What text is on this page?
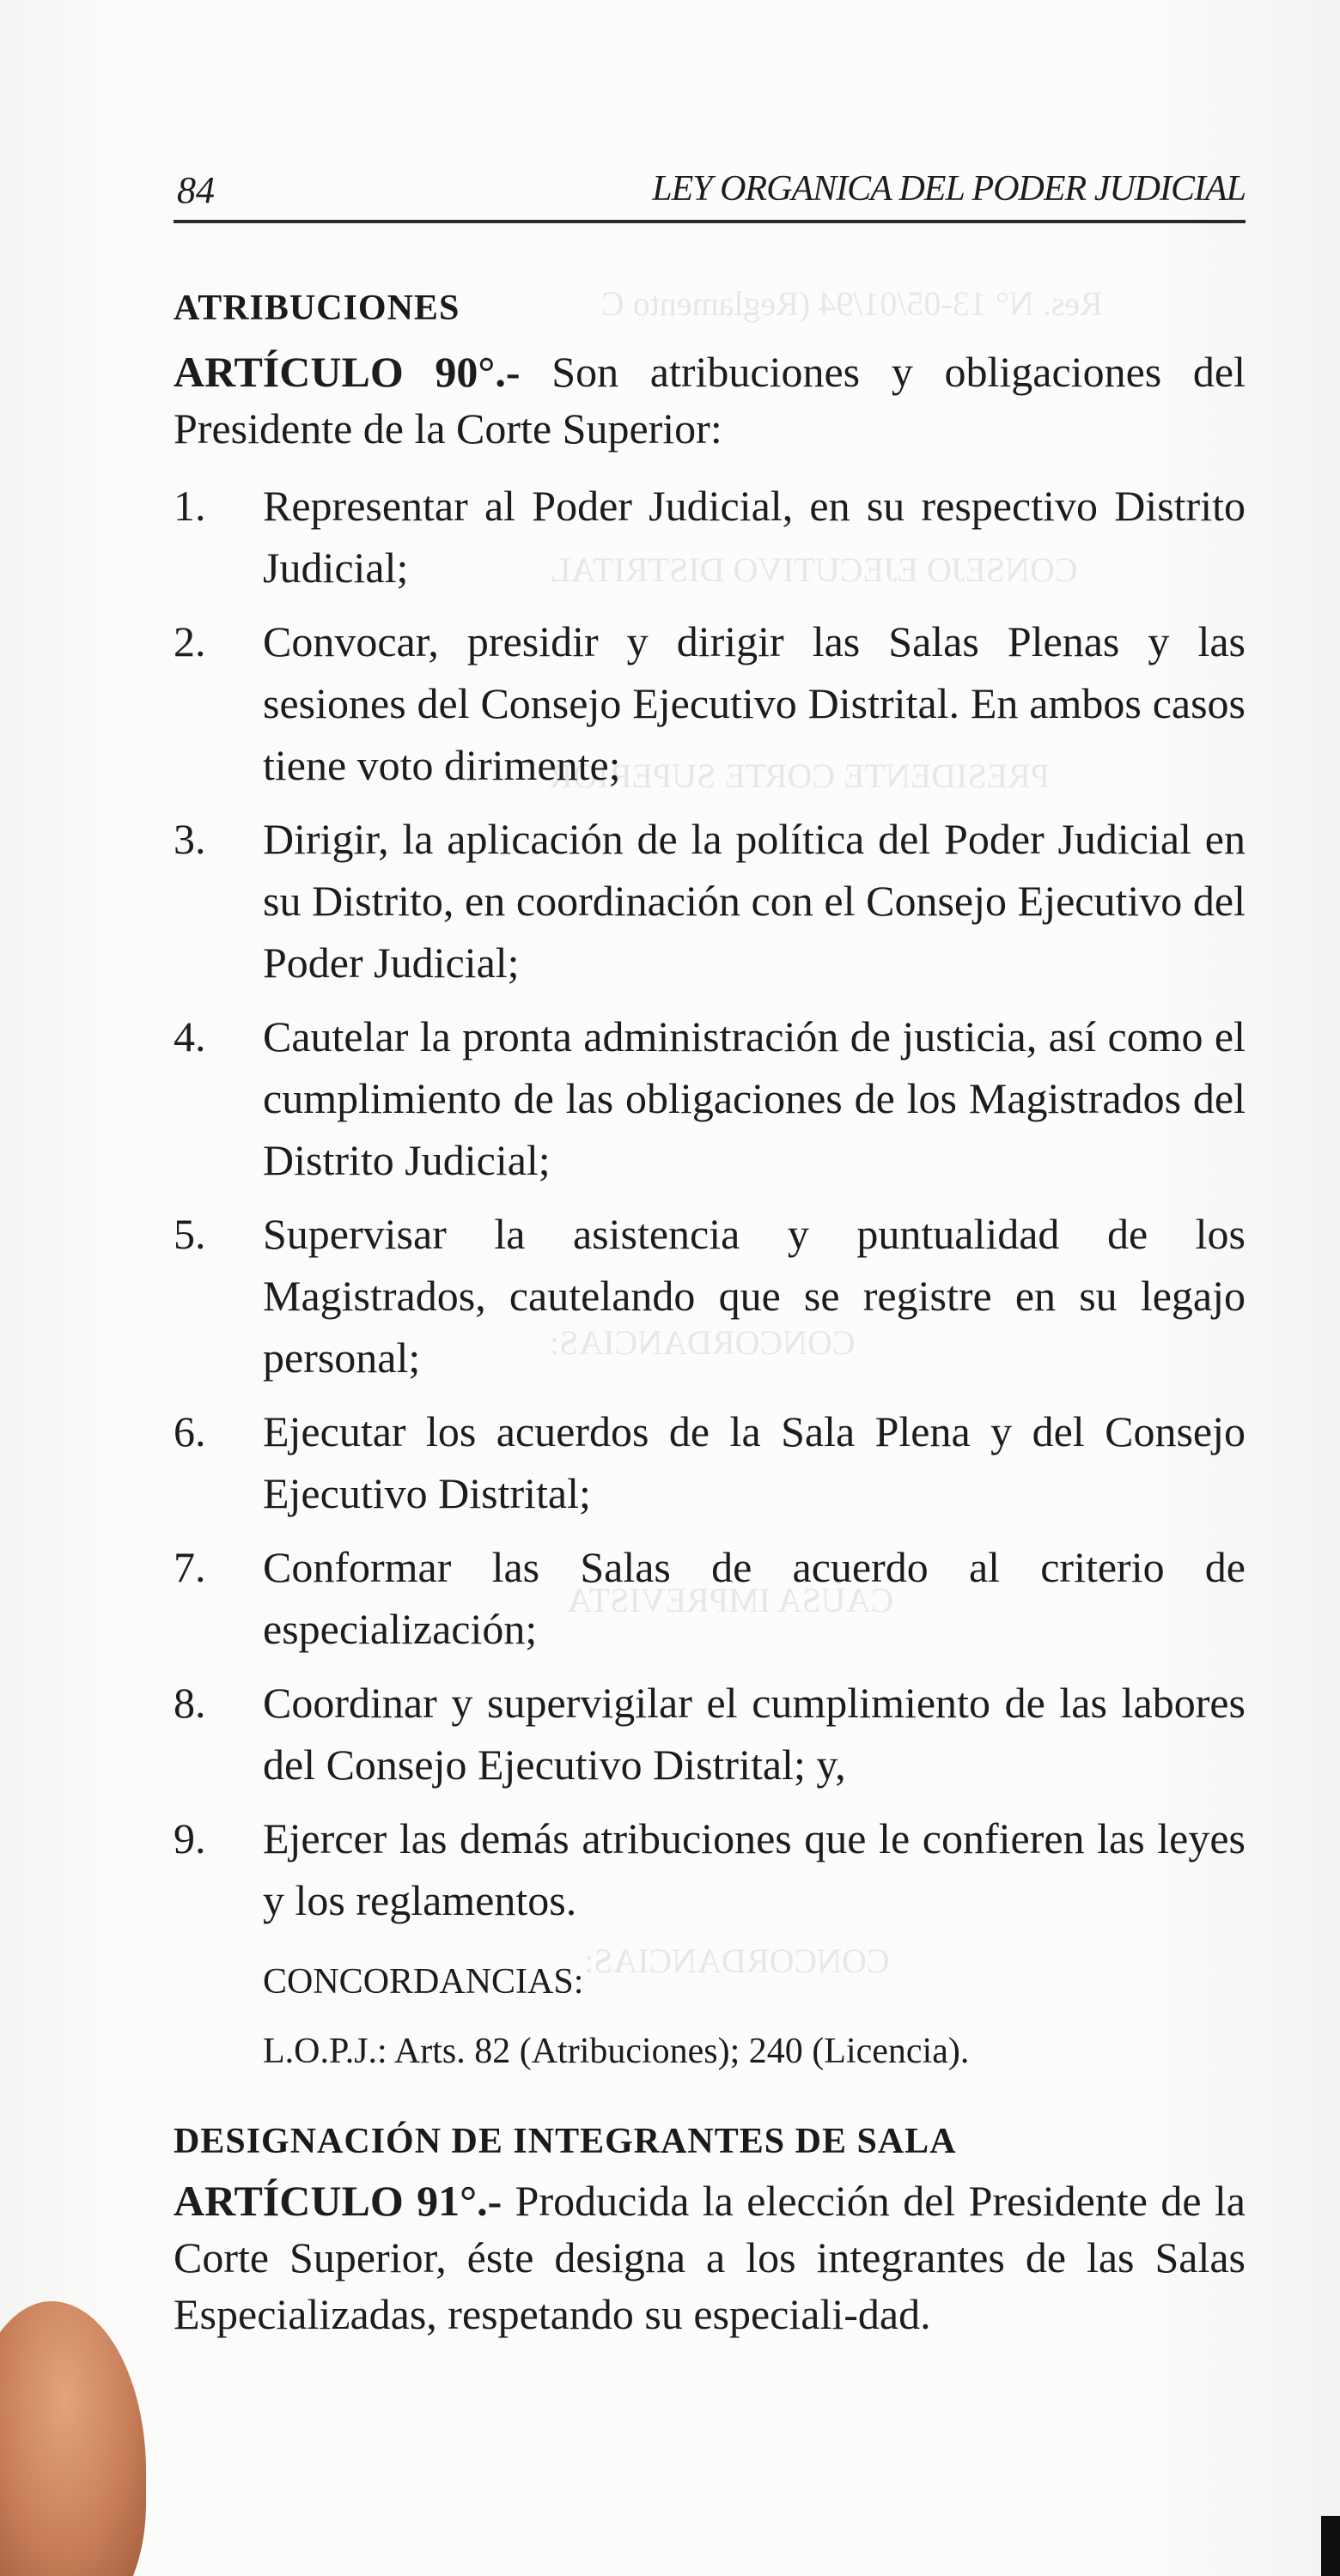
Res. N° 13-05/01/94 (Reglamento C
CONSEJO EJECUTIVO DISTRITAL
PRESIDENTE CORTE SUPERIOR
CONCORDANCIAS:
CAUSA IMPREVISTA
CONCORDANCIAS:
84	LEY ORGANICA DEL PODER JUDICIAL
ATRIBUCIONES

ARTÍCULO 90°.- Son atribuciones y obligaciones del Presidente de la Corte Superior:

1. Representar al Poder Judicial, en su respectivo Distrito Judicial;
2. Convocar, presidir y dirigir las Salas Plenas y las sesiones del Consejo Ejecutivo Distrital. En ambos casos tiene voto dirimente;
3. Dirigir, la aplicación de la política del Poder Judicial en su Distrito, en coordinación con el Consejo Ejecutivo del Poder Judicial;
4. Cautelar la pronta administración de justicia, así como el cumplimiento de las obligaciones de los Magistrados del Distrito Judicial;
5. Supervisar la asistencia y puntualidad de los Magistrados, cautelando que se registre en su legajo personal;
6. Ejecutar los acuerdos de la Sala Plena y del Consejo Ejecutivo Distrital;
7. Conformar las Salas de acuerdo al criterio de especialización;
8. Coordinar y supervigilar el cumplimiento de las labores del Consejo Ejecutivo Distrital; y,
9. Ejercer las demás atribuciones que le confieren las leyes y los reglamentos.
CONCORDANCIAS:
L.O.P.J.: Arts. 82 (Atribuciones); 240 (Licencia).
DESIGNACIÓN DE INTEGRANTES DE SALA

ARTÍCULO 91°.- Producida la elección del Presidente de la Corte Superior, éste designa a los integrantes de las Salas Especializadas, respetando su especiali-dad.
